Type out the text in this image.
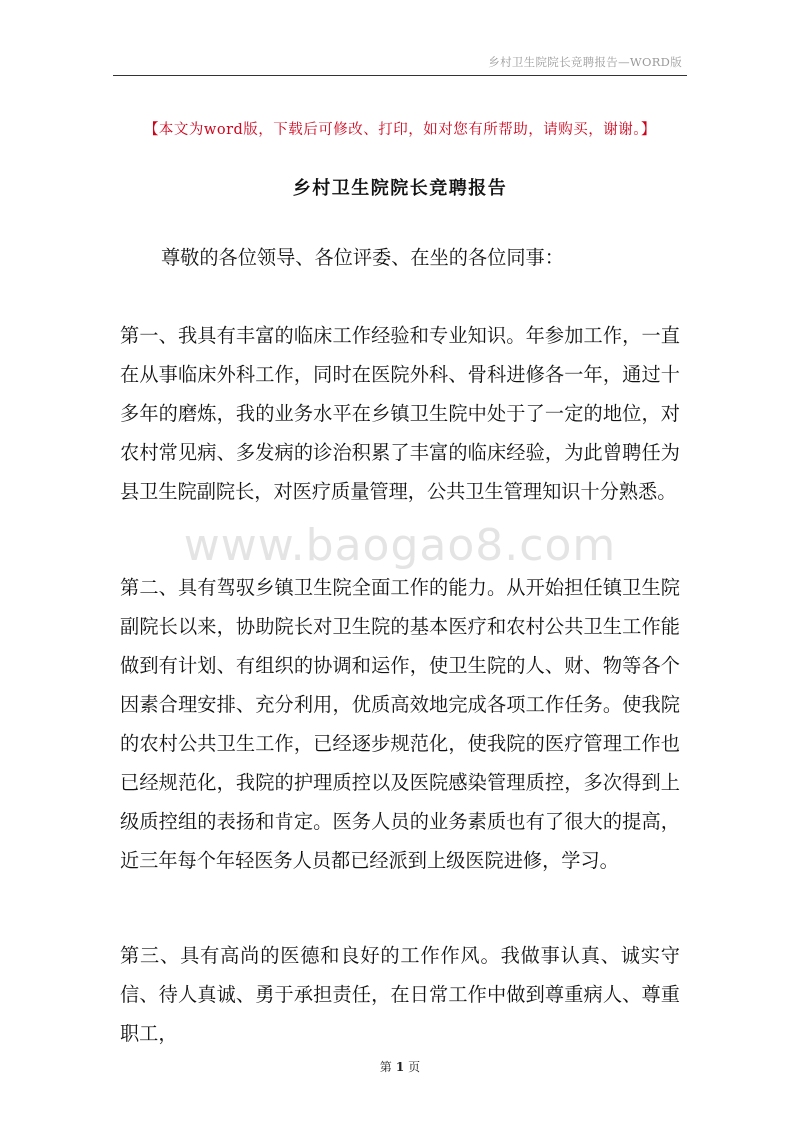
乡村卫生院院长竞聘报告—WORD版
【本文为word版，下载后可修改、打印，如对您有所帮助，请购买，谢谢。】
乡村卫生院院长竞聘报告

尊敬的各位领导、各位评委、在坐的各位同事：

www.baogao8.com

第一、我具有丰富的临床工作经验和专业知识。年参加工作，一直在从事临床外科工作，同时在医院外科、骨科进修各一年，通过十多年的磨炼，我的业务水平在乡镇卫生院中处于了一定的地位，对农村常见病、多发病的诊治积累了丰富的临床经验，为此曾聘任为县卫生院副院长，对医疗质量管理，公共卫生管理知识十分熟悉。

第二、具有驾驭乡镇卫生院全面工作的能力。从开始担任镇卫生院副院长以来，协助院长对卫生院的基本医疗和农村公共卫生工作能做到有计划、有组织的协调和运作，使卫生院的人、财、物等各个因素合理安排、充分利用，优质高效地完成各项工作任务。使我院的农村公共卫生工作，已经逐步规范化，使我院的医疗管理工作也已经规范化，我院的护理质控以及医院感染管理质控，多次得到上级质控组的表扬和肯定。医务人员的业务素质也有了很大的提高，近三年每个年轻医务人员都已经派到上级医院进修，学习。

第三、具有高尚的医德和良好的工作作风。我做事认真、诚实守信、待人真诚、勇于承担责任，在日常工作中做到尊重病人、尊重职工，

第 1 页
